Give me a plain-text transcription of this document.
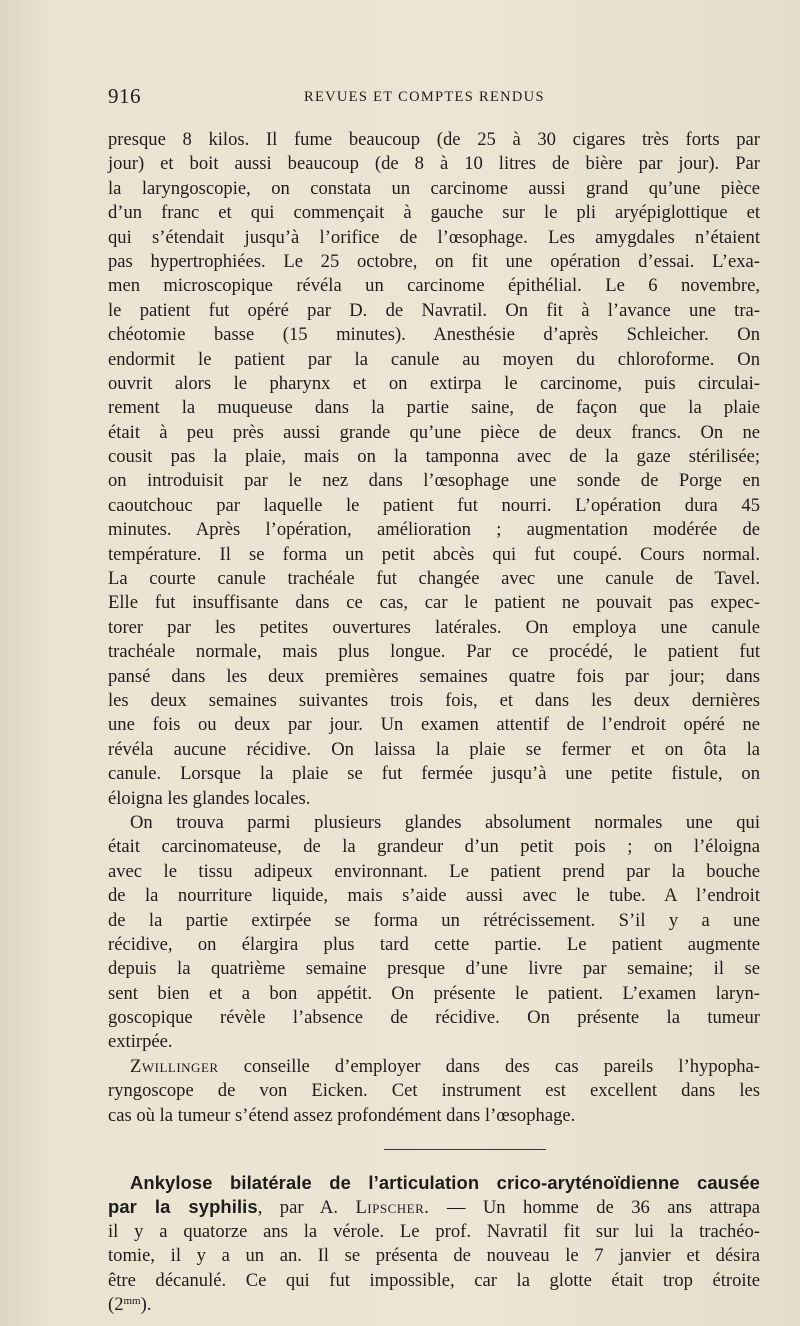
916	REVUES ET COMPTES RENDUS
presque 8 kilos. Il fume beaucoup (de 25 à 30 cigares très forts par
jour) et boit aussi beaucoup (de 8 à 10 litres de bière par jour). Par
la laryngoscopie, on constata un carcinome aussi grand qu’une pièce
d’un franc et qui commençait à gauche sur le pli aryépiglottique et
qui s’étendait jusqu’à l’orifice de l’œsophage. Les amygdales n’étaient
pas hypertrophiées. Le 25 octobre, on fit une opération d’essai. L’exa-
men microscopique révéla un carcinome épithélial. Le 6 novembre,
le patient fut opéré par D. de Navratil. On fit à l’avance une tra-
chéotomie basse (15 minutes). Anesthésie d’après Schleicher. On
endormit le patient par la canule au moyen du chloroforme. On
ouvrit alors le pharynx et on extirpa le carcinome, puis circulai-
rement la muqueuse dans la partie saine, de façon que la plaie
était à peu près aussi grande qu’une pièce de deux francs. On ne
cousit pas la plaie, mais on la tamponna avec de la gaze stérilisée;
on introduisit par le nez dans l’œsophage une sonde de Porge en
caoutchouc par laquelle le patient fut nourri. L’opération dura 45
minutes. Après l’opération, amélioration ; augmentation modérée de
température. Il se forma un petit abcès qui fut coupé. Cours normal.
La courte canule trachéale fut changée avec une canule de Tavel.
Elle fut insuffisante dans ce cas, car le patient ne pouvait pas expec-
torer par les petites ouvertures latérales. On employa une canule
trachéale normale, mais plus longue. Par ce procédé, le patient fut
pansé dans les deux premières semaines quatre fois par jour; dans
les deux semaines suivantes trois fois, et dans les deux dernières
une fois ou deux par jour. Un examen attentif de l’endroit opéré ne
révéla aucune récidive. On laissa la plaie se fermer et on ôta la
canule. Lorsque la plaie se fut fermée jusqu’à une petite fistule, on
éloigna les glandes locales.
On trouva parmi plusieurs glandes absolument normales une qui
était carcinomateuse, de la grandeur d’un petit pois ; on l’éloigna
avec le tissu adipeux environnant. Le patient prend par la bouche
de la nourriture liquide, mais s’aide aussi avec le tube. A l’endroit
de la partie extirpée se forma un rétrécissement. S’il y a une
récidive, on élargira plus tard cette partie. Le patient augmente
depuis la quatrième semaine presque d’une livre par semaine; il se
sent bien et a bon appétit. On présente le patient. L’examen laryn-
goscopique révèle l’absence de récidive. On présente la tumeur
extirpée.
Zwillinger conseille d’employer dans des cas pareils l’hypopha-
ryngoscope de von Eicken. Cet instrument est excellent dans les
cas où la tumeur s’étend assez profondément dans l’œsophage.
Ankylose bilatérale de l’articulation crico-aryténoïdienne causée
par la syphilis, par A. Lipscher. — Un homme de 36 ans attrapa
il y a quatorze ans la vérole. Le prof. Navratil fit sur lui la trachéo-
tomie, il y a un an. Il se présenta de nouveau le 7 janvier et désira
être décanulé. Ce qui fut impossible, car la glotte était trop étroite
$(2^{mm})$.
